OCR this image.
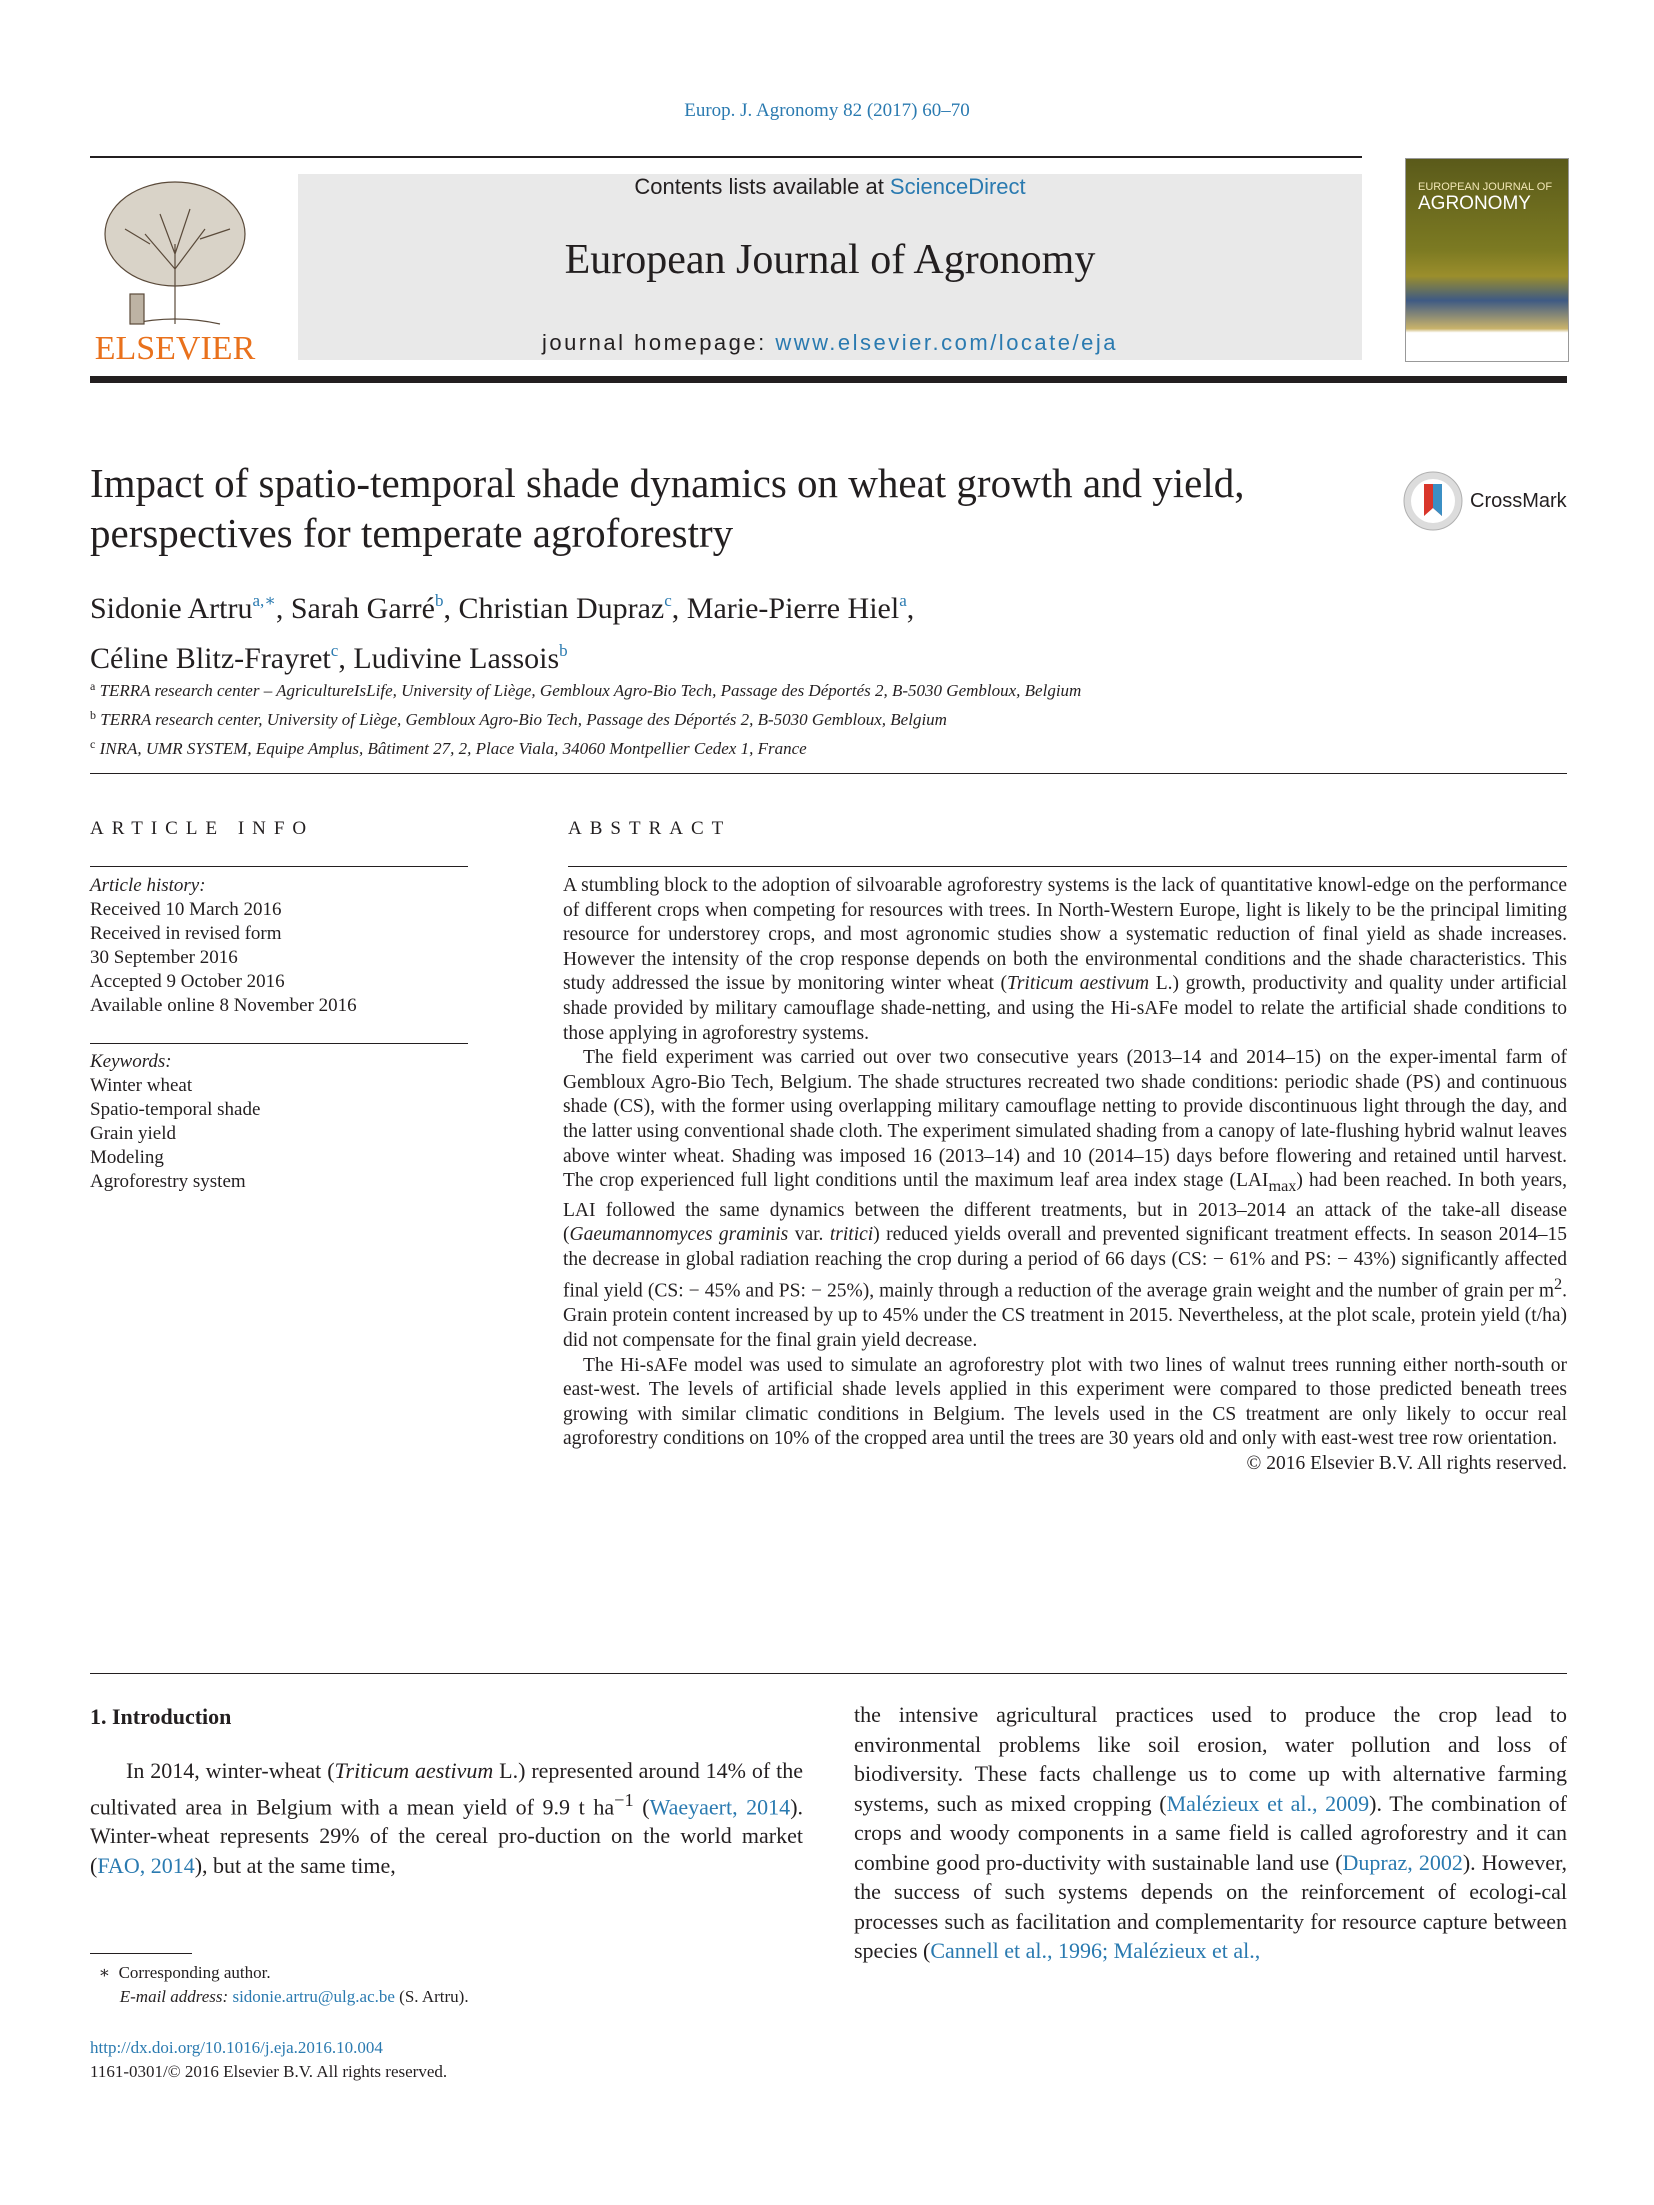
Europ. J. Agronomy 82 (2017) 60–70
ELSEVIER
Contents lists available at ScienceDirect
European Journal of Agronomy
journal homepage: www.elsevier.com/locate/eja
EUROPEAN JOURNAL OF
AGRONOMY
Impact of spatio-temporal shade dynamics on wheat growth and yield, perspectives for temperate agroforestry
CrossMark
Sidonie Artru$^{a,∗}$, Sarah Garré$^b$, Christian Dupraz$^c$, Marie-Pierre Hiel$^a$,
Céline Blitz-Frayret$^c$, Ludivine Lassois$^b$
$^a$ TERRA research center – AgricultureIsLife, University of Liège, Gembloux Agro-Bio Tech, Passage des Déportés 2, B-5030 Gembloux, Belgium
$^b$ TERRA research center, University of Liège, Gembloux Agro-Bio Tech, Passage des Déportés 2, B-5030 Gembloux, Belgium
$^c$ INRA, UMR SYSTEM, Equipe Amplus, Bâtiment 27, 2, Place Viala, 34060 Montpellier Cedex 1, France
ARTICLE INFO	ABSTRACT
Article history:
Received 10 March 2016
Received in revised form
30 September 2016
Accepted 9 October 2016
Available online 8 November 2016
Keywords:
Winter wheat
Spatio-temporal shade
Grain yield
Modeling
Agroforestry system

A stumbling block to the adoption of silvoarable agroforestry systems is the lack of quantitative knowl-edge on the performance of different crops when competing for resources with trees. In North-Western Europe, light is likely to be the principal limiting resource for understorey crops, and most agronomic studies show a systematic reduction of final yield as shade increases. However the intensity of the crop response depends on both the environmental conditions and the shade characteristics. This study addressed the issue by monitoring winter wheat (Triticum aestivum L.) growth, productivity and quality under artificial shade provided by military camouflage shade-netting, and using the Hi-sAFe model to relate the artificial shade conditions to those applying in agroforestry systems.

The field experiment was carried out over two consecutive years (2013–14 and 2014–15) on the exper-imental farm of Gembloux Agro-Bio Tech, Belgium. The shade structures recreated two shade conditions: periodic shade (PS) and continuous shade (CS), with the former using overlapping military camouflage netting to provide discontinuous light through the day, and the latter using conventional shade cloth. The experiment simulated shading from a canopy of late-flushing hybrid walnut leaves above winter wheat. Shading was imposed 16 (2013–14) and 10 (2014–15) days before flowering and retained until harvest. The crop experienced full light conditions until the maximum leaf area index stage $(LAI_{max})$ had been reached. In both years, LAI followed the same dynamics between the different treatments, but in 2013–2014 an attack of the take-all disease (Gaeumannomyces graminis var. tritici) reduced yields overall and prevented significant treatment effects. In season 2014–15 the decrease in global radiation reaching the crop during a period of 66 days (CS: − 61% and PS: − 43%) significantly affected final yield (CS: − 45% and PS: − 25%), mainly through a reduction of the average grain weight and the number of grain per $m^2$. Grain protein content increased by up to 45% under the CS treatment in 2015. Nevertheless, at the plot scale, protein yield (t/ha) did not compensate for the final grain yield decrease.

The Hi-sAFe model was used to simulate an agroforestry plot with two lines of walnut trees running either north-south or east-west. The levels of artificial shade levels applied in this experiment were compared to those predicted beneath trees growing with similar climatic conditions in Belgium. The levels used in the CS treatment are only likely to occur real agroforestry conditions on 10% of the cropped area until the trees are 30 years old and only with east-west tree row orientation.

© 2016 Elsevier B.V. All rights reserved.
1. Introduction

In 2014, winter-wheat (Triticum aestivum L.) represented around 14% of the cultivated area in Belgium with a mean yield of 9.9 t $ha^{-1}$ (Waeyaert, 2014). Winter-wheat represents 29% of the cereal pro-duction on the world market (FAO, 2014), but at the same time,

the intensive agricultural practices used to produce the crop lead to environmental problems like soil erosion, water pollution and loss of biodiversity. These facts challenge us to come up with alternative farming systems, such as mixed cropping (Malézieux et al., 2009). The combination of crops and woody components in a same field is called agroforestry and it can combine good pro-ductivity with sustainable land use (Dupraz, 2002). However, the success of such systems depends on the reinforcement of ecologi-cal processes such as facilitation and complementarity for resource capture between species (Cannell et al., 1996; Malézieux et al.,

∗ Corresponding author.
E-mail address: sidonie.artru@ulg.ac.be (S. Artru).
http://dx.doi.org/10.1016/j.eja.2016.10.004
1161-0301/© 2016 Elsevier B.V. All rights reserved.
